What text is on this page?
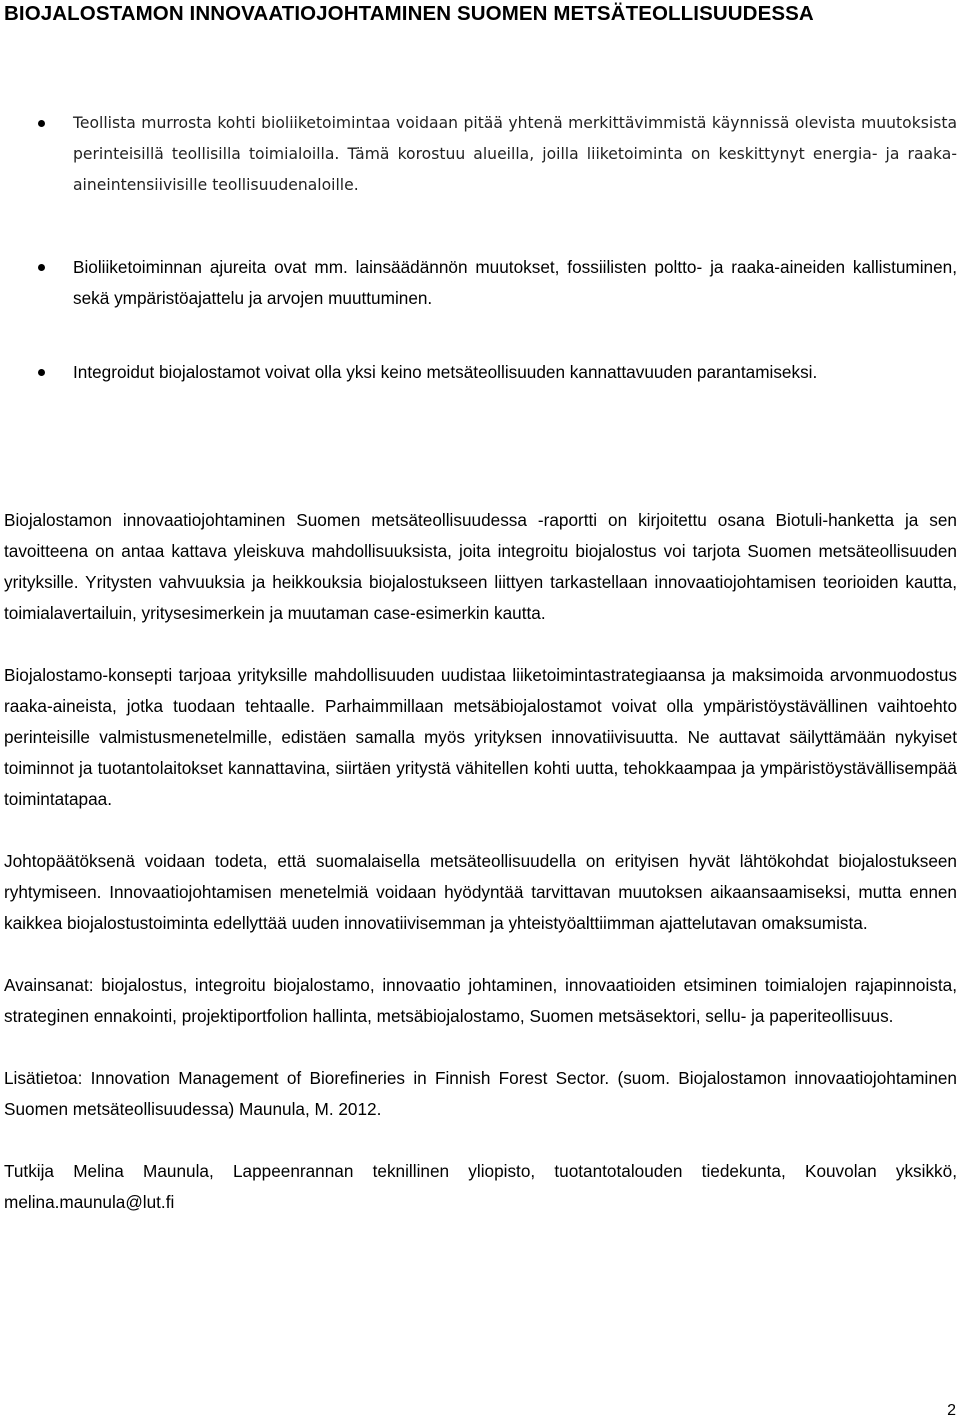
BIOJALOSTAMON INNOVAATIOJOHTAMINEN SUOMEN METSÄTEOLLISUUDESSA
Teollista murrosta kohti bioliiketoimintaa voidaan pitää yhtenä merkittävimmistä käynnissä olevista muutoksista perinteisillä teollisilla toimialoilla. Tämä korostuu alueilla, joilla liiketoiminta on keskittynyt energia- ja raaka-aineintensiivisille teollisuudenaloille.
Bioliiketoiminnan ajureita ovat mm. lainsäädännön muutokset, fossiilisten poltto- ja raaka-aineiden kallistuminen, sekä ympäristöajattelu ja arvojen muuttuminen.
Integroidut biojalostamot voivat olla yksi keino metsäteollisuuden kannattavuuden parantamiseksi.

Biojalostamon innovaatiojohtaminen Suomen metsäteollisuudessa -raportti on kirjoitettu osana Biotuli-hanketta ja sen tavoitteena on antaa kattava yleiskuva mahdollisuuksista, joita integroitu biojalostus voi tarjota Suomen metsäteollisuuden yrityksille. Yritysten vahvuuksia ja heikkouksia biojalostukseen liittyen tarkastellaan innovaatiojohtamisen teorioiden kautta, toimialavertailuin, yritysesimerkein ja muutaman case-esimerkin kautta.

Biojalostamo-konsepti tarjoaa yrityksille mahdollisuuden uudistaa liiketoimintastrategiaansa ja maksimoida arvonmuodostus raaka-aineista, jotka tuodaan tehtaalle. Parhaimmillaan metsäbiojalostamot voivat olla ympäristöystävällinen vaihtoehto perinteisille valmistusmenetelmille, edistäen samalla myös yrityksen innovatiivisuutta. Ne auttavat säilyttämään nykyiset toiminnot ja tuotantolaitokset kannattavina, siirtäen yritystä vähitellen kohti uutta, tehokkaampaa ja ympäristöystävällisempää toimintatapaa.

Johtopäätöksenä voidaan todeta, että suomalaisella metsäteollisuudella on erityisen hyvät lähtökohdat biojalostukseen ryhtymiseen. Innovaatiojohtamisen menetelmiä voidaan hyödyntää tarvittavan muutoksen aikaansaamiseksi, mutta ennen kaikkea biojalostustoiminta edellyttää uuden innovatiivisemman ja yhteistyöalttiimman ajattelutavan omaksumista.

Avainsanat: biojalostus, integroitu biojalostamo, innovaatio johtaminen, innovaatioiden etsiminen toimialojen rajapinnoista, strateginen ennakointi, projektiportfolion hallinta, metsäbiojalostamo, Suomen metsäsektori, sellu- ja paperiteollisuus.

Lisätietoa: Innovation Management of Biorefineries in Finnish Forest Sector. (suom. Biojalostamon innovaatiojohtaminen Suomen metsäteollisuudessa) Maunula, M. 2012.

Tutkija Melina Maunula, Lappeenrannan teknillinen yliopisto, tuotantotalouden tiedekunta, Kouvolan yksikkö, melina.maunula@lut.fi

2
